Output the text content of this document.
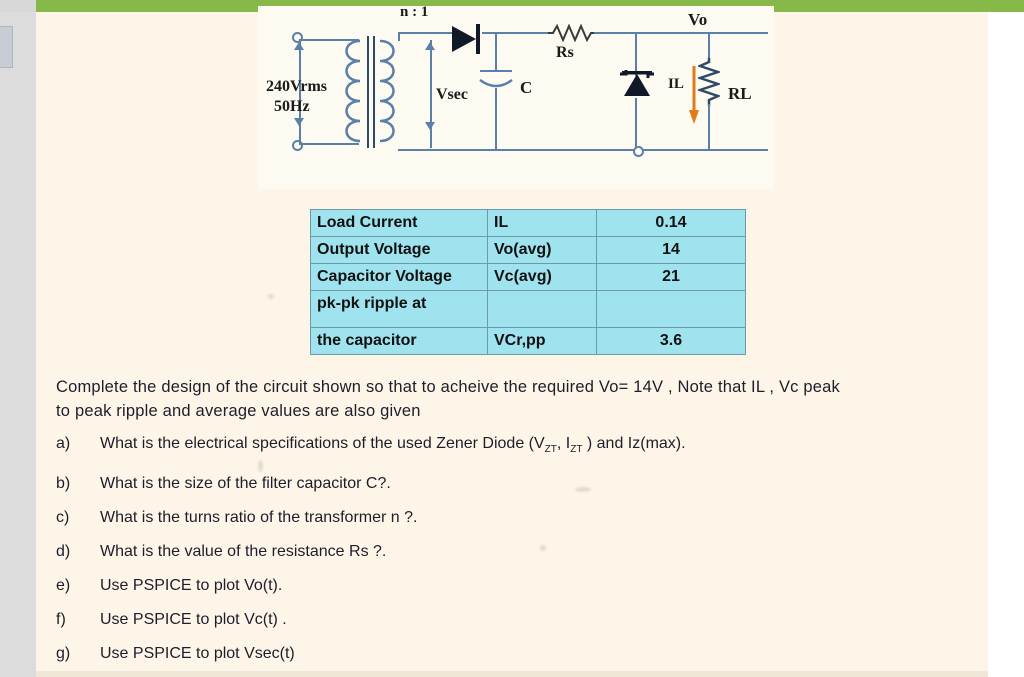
240Vrms
50Hz
n : 1
Vsec	C
Rs
Vo
IL	RL
Load Current	IL	0.14
Output Voltage	Vo(avg)	14
Capacitor Voltage	Vc(avg)	21
pk-pk ripple at		
the capacitor	VCr,pp	3.6
Complete the design of the circuit shown so that to acheive the required Vo= 14V , Note that IL , Vc peak
to peak ripple and average values are also given
a)	What is the electrical specifications of the used Zener Diode ($V_{ZT}$, $I_{ZT}$ ) and Iz(max).
b)	What is the size of the filter capacitor C?.
c)	What is the turns ratio of the transformer n ?.
d)	What is the value of the resistance Rs ?.
e)	Use PSPICE to plot Vo(t).
f)	Use PSPICE to plot Vc(t) .
g)	Use PSPICE to plot Vsec(t)
